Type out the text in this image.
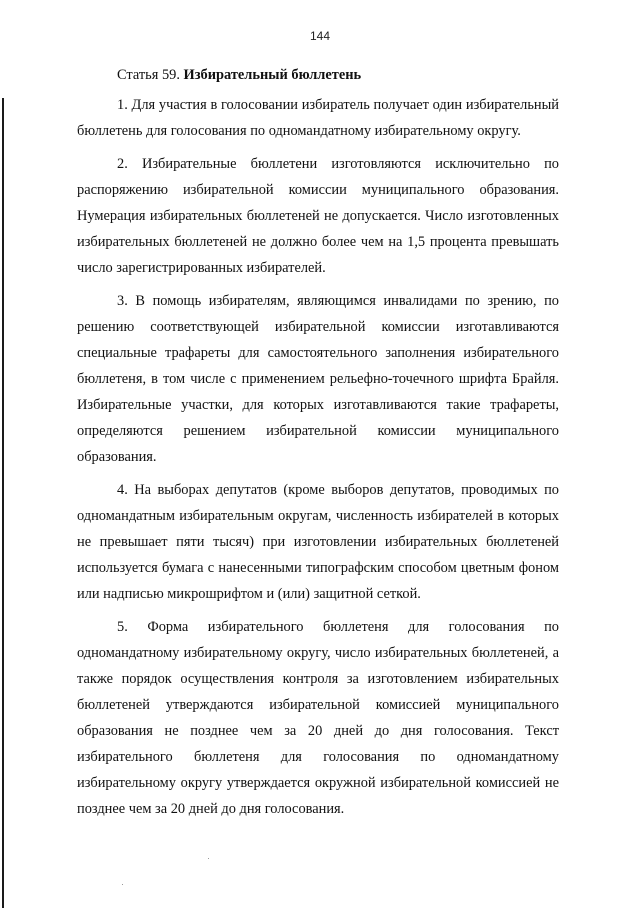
144

Статья 59. Избирательный бюллетень

1. Для участия в голосовании избиратель получает один избирательный бюллетень для голосования по одномандатному избирательному округу.

2. Избирательные бюллетени изготовляются исключительно по распоряжению избирательной комиссии муниципального образования. Нумерация избирательных бюллетеней не допускается. Число изготовленных избирательных бюллетеней не должно более чем на 1,5 процента превышать число зарегистрированных избирателей.

3. В помощь избирателям, являющимся инвалидами по зрению, по решению соответствующей избирательной комиссии изготавливаются специальные трафареты для самостоятельного заполнения избирательного бюллетеня, в том числе с применением рельефно-точечного шрифта Брайля. Избирательные участки, для которых изготавливаются такие трафареты, определяются решением избирательной комиссии муниципального образования.

4. На выборах депутатов (кроме выборов депутатов, проводимых по одномандатным избирательным округам, численность избирателей в которых не превышает пяти тысяч) при изготовлении избирательных бюллетеней используется бумага с нанесенными типографским способом цветным фоном или надписью микрошрифтом и (или) защитной сеткой.

5. Форма избирательного бюллетеня для голосования по одномандатному избирательному округу, число избирательных бюллетеней, а также порядок осуществления контроля за изготовлением избирательных бюллетеней утверждаются избирательной комиссией муниципального образования не позднее чем за 20 дней до дня голосования. Текст избирательного бюллетеня для голосования по одномандатному избирательному округу утверждается окружной избирательной комиссией не позднее чем за 20 дней до дня голосования.
